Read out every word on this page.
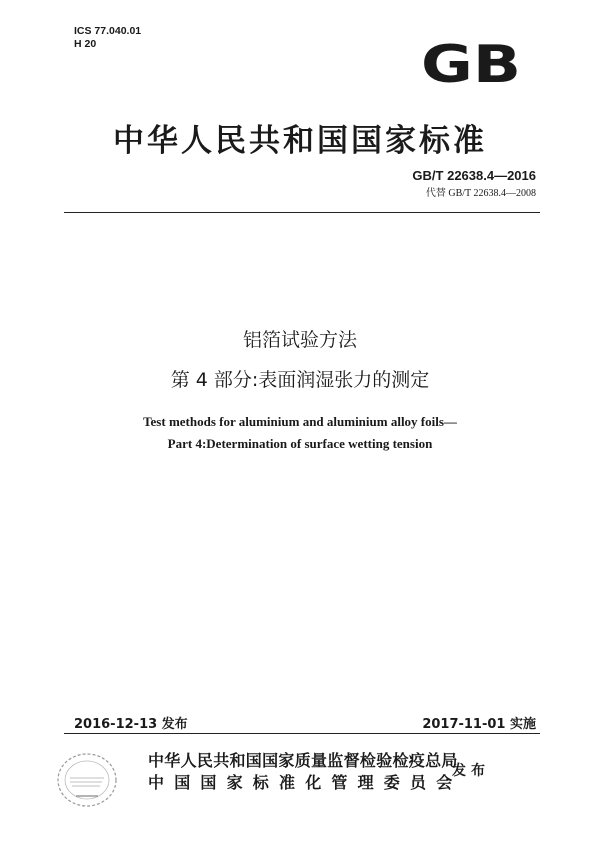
ICS 77.040.01
H 20	GB
中华人民共和国国家标准
GB/T 22638.4—2016
代替 GB/T 22638.4—2008
铝箔试验方法
第 4 部分:表面润湿张力的测定
Test methods for aluminium and aluminium alloy foils—
Part 4:Determination of surface wetting tension
2016-12-13 发布	2017-11-01 实施
中华人民共和国国家质量监督检验检疫总局
中国国家标准化管理委员会
发布
